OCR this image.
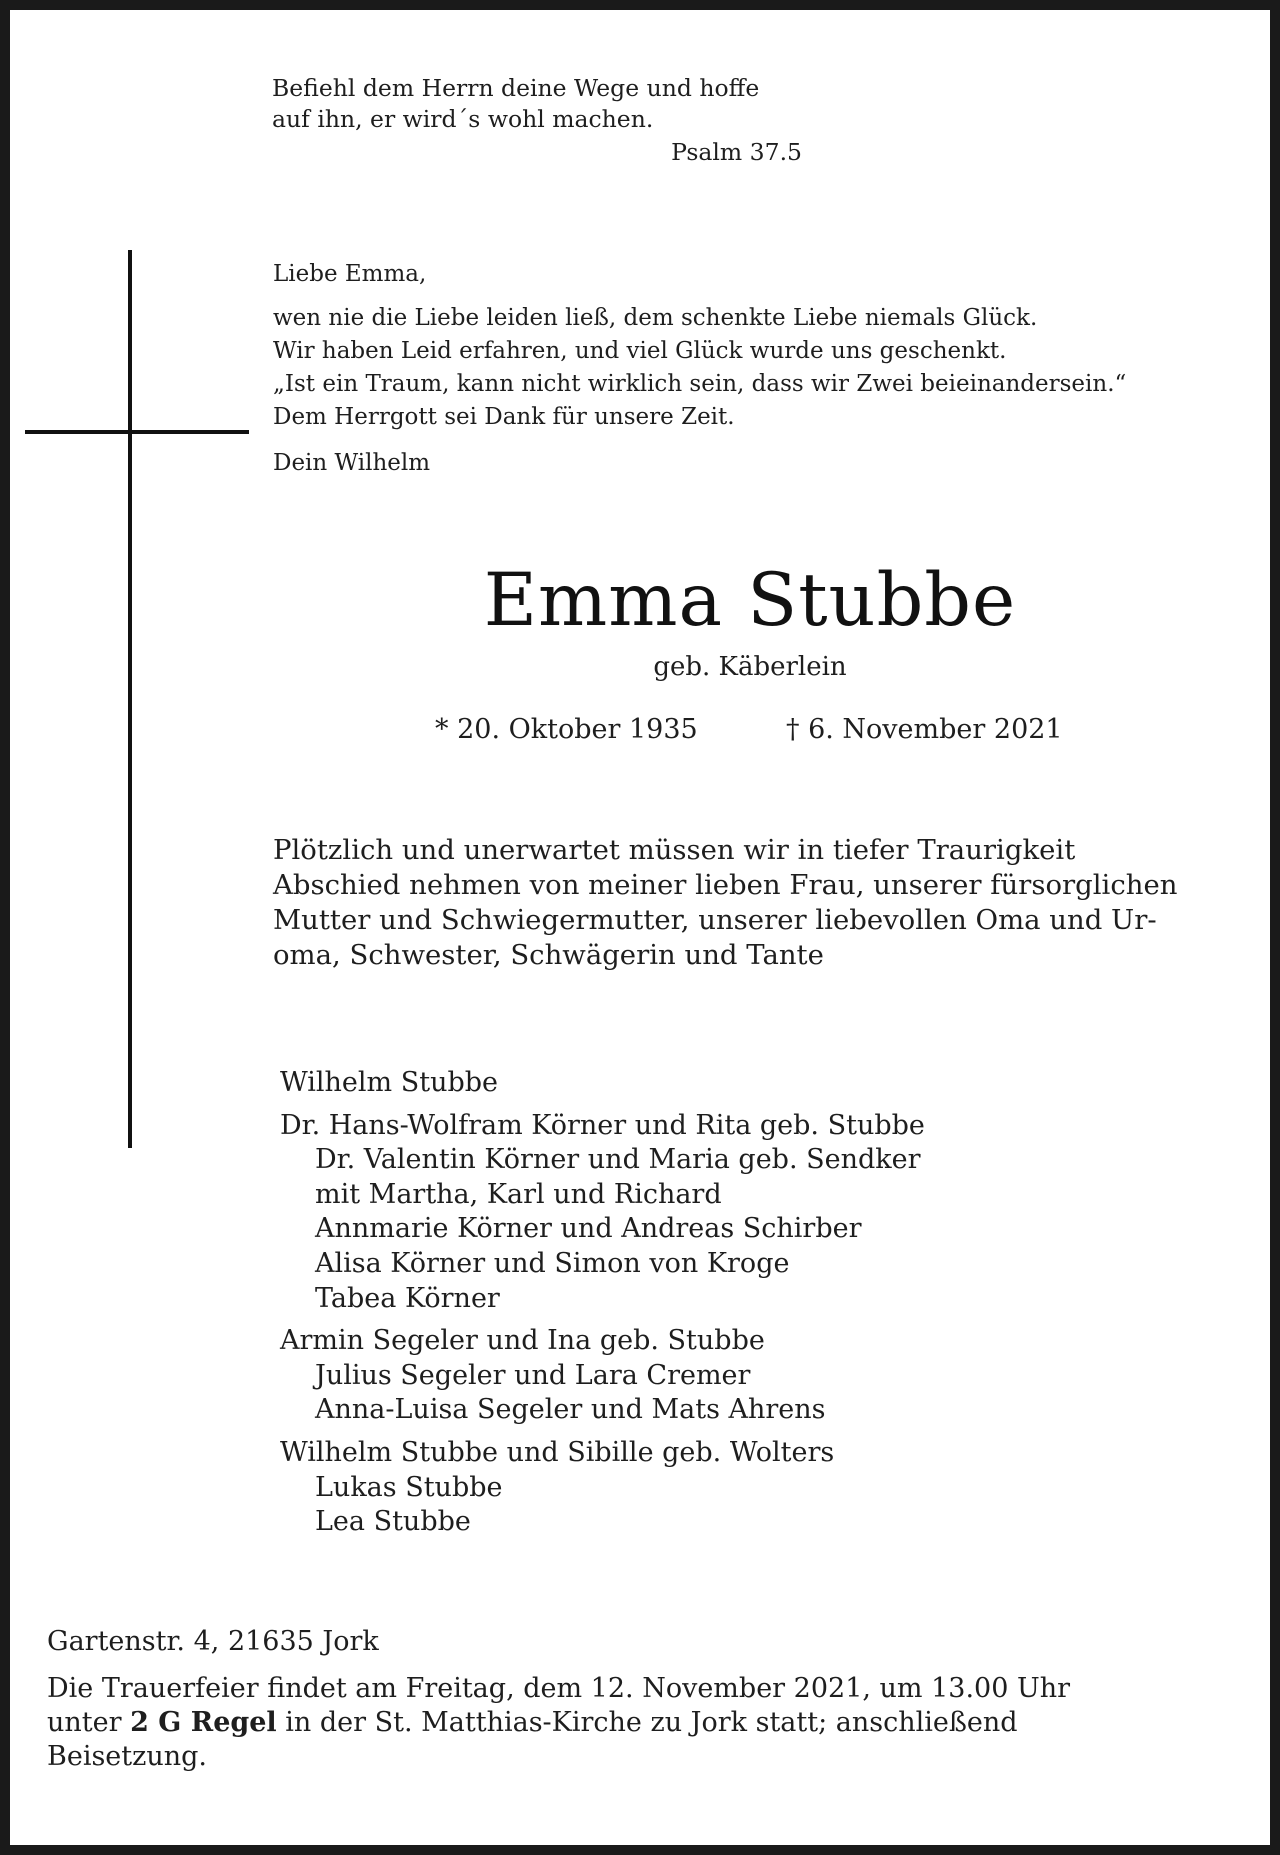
Befiehl dem Herrn deine Wege und hoffe
auf ihn, er wird´s wohl machen.
Psalm 37.5
Liebe Emma,
wen nie die Liebe leiden ließ, dem schenkte Liebe niemals Glück.
Wir haben Leid erfahren, und viel Glück wurde uns geschenkt.
„Ist ein Traum, kann nicht wirklich sein, dass wir Zwei beieinandersein.“
Dem Herrgott sei Dank für unsere Zeit.
Dein Wilhelm
Emma Stubbe
geb. Käberlein
* 20. Oktober 1935	† 6. November 2021
Plötzlich und unerwartet müssen wir in tiefer Traurigkeit
Abschied nehmen von meiner lieben Frau, unserer fürsorglichen
Mutter und Schwiegermutter, unserer liebevollen Oma und Ur-
oma, Schwester, Schwägerin und Tante
Wilhelm Stubbe
Dr. Hans-Wolfram Körner und Rita geb. Stubbe
Dr. Valentin Körner und Maria geb. Sendker
mit Martha, Karl und Richard
Annmarie Körner und Andreas Schirber
Alisa Körner und Simon von Kroge
Tabea Körner
Armin Segeler und Ina geb. Stubbe
Julius Segeler und Lara Cremer
Anna-Luisa Segeler und Mats Ahrens
Wilhelm Stubbe und Sibille geb. Wolters
Lukas Stubbe
Lea Stubbe
Gartenstr. 4, 21635 Jork
Die Trauerfeier findet am Freitag, dem 12. November 2021, um 13.00 Uhr
unter 2 G Regel in der St. Matthias-Kirche zu Jork statt; anschließend
Beisetzung.
